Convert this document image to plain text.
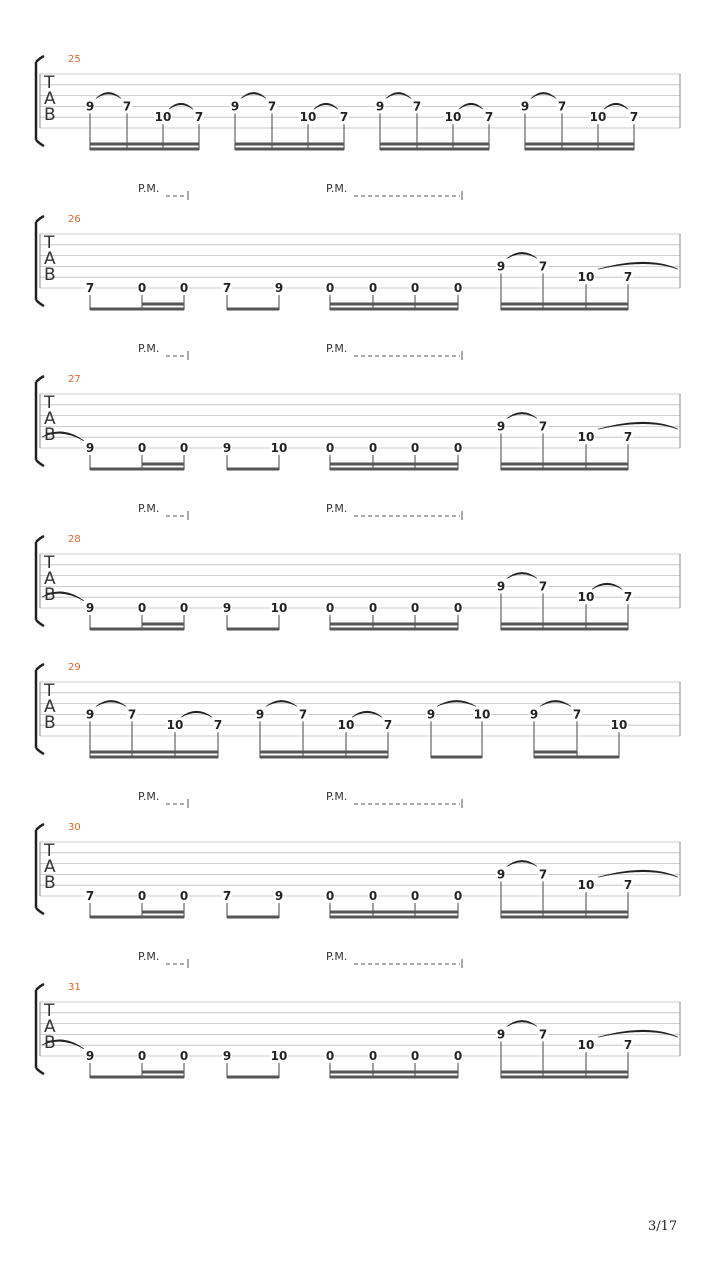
25
T
A
B	9 7
10 7
9 7
10 7
9 7
10 7
9 7
10 7
P.M.	P.M.
26
T
A
B
7	0	0	7	9	0	0	0	0
9	7
10 7
P.M.	P.M.
27
T
A
B
9	0	0	9	10	0	0	0	0
9	7
10 7
P.M.	P.M.
28
T
A
B
9	0	0	9	10	0	0	0	0
9	7
10 7
29
T
A
B	9	7
10	7
9	7
10 7
9	10	9	7
10
P.M.	P.M.
30
T
A
B
7	0	0	7	9	0	0	0	0
9	7
10 7
P.M.	P.M.
31
T
A
B
9	0	0	9	10	0	0	0	0
9	7
10 7
3/17
